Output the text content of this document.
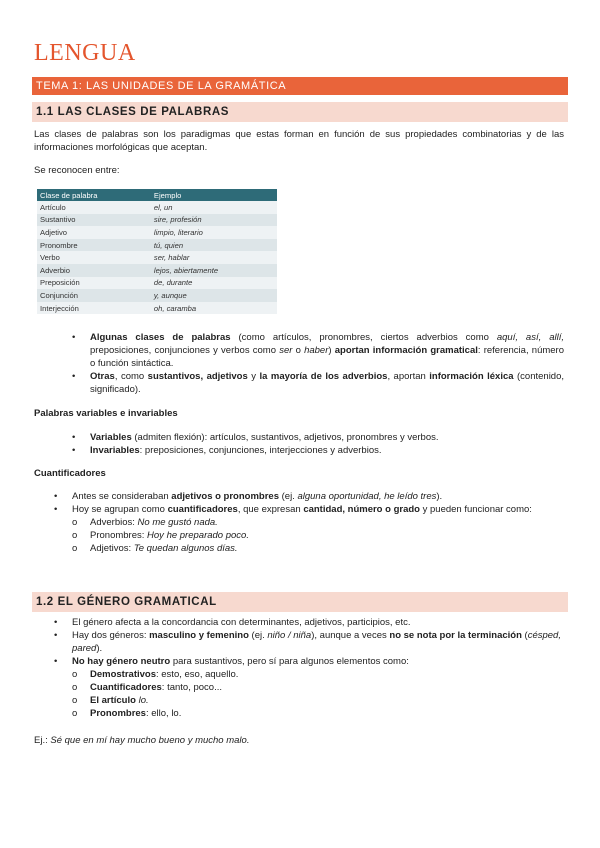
LENGUA
TEMA 1: LAS UNIDADES DE LA GRAMÁTICA
1.1 LAS CLASES DE PALABRAS
Las clases de palabras son los paradigmas que estas forman en función de sus propiedades combinatorias y de las informaciones morfológicas que aceptan.
Se reconocen entre:
Clase de palabra	Ejemplo
Artículo	el, un
Sustantivo	sire, profesión
Adjetivo	limpio, literario
Pronombre	tú, quien
Verbo	ser, hablar
Adverbio	lejos, abiertamente
Preposición	de, durante
Conjunción	y, aunque
Interjección	oh, caramba
• Algunas clases de palabras (como artículos, pronombres, ciertos adverbios como aquí, así, allí, preposiciones, conjunciones y verbos como ser o haber) aportan información gramatical: referencia, número o función sintáctica.
• Otras, como sustantivos, adjetivos y la mayoría de los adverbios, aportan información léxica (contenido, significado).
Palabras variables e invariables
• Variables (admiten flexión): artículos, sustantivos, adjetivos, pronombres y verbos.
• Invariables: preposiciones, conjunciones, interjecciones y adverbios.
Cuantificadores
• Antes se consideraban adjetivos o pronombres (ej. alguna oportunidad, he leído tres).
• Hoy se agrupan como cuantificadores, que expresan cantidad, número o grado y pueden funcionar como:
o Adverbios: No me gustó nada.
o Pronombres: Hoy he preparado poco.
o Adjetivos: Te quedan algunos días.
1.2 EL GÉNERO GRAMATICAL
• El género afecta a la concordancia con determinantes, adjetivos, participios, etc.
• Hay dos géneros: masculino y femenino (ej. niño / niña), aunque a veces no se nota por la terminación (césped, pared).
• No hay género neutro para sustantivos, pero sí para algunos elementos como:
o Demostrativos: esto, eso, aquello.
o Cuantificadores: tanto, poco...
o El artículo lo.
o Pronombres: ello, lo.
Ej.: Sé que en mí hay mucho bueno y mucho malo.
